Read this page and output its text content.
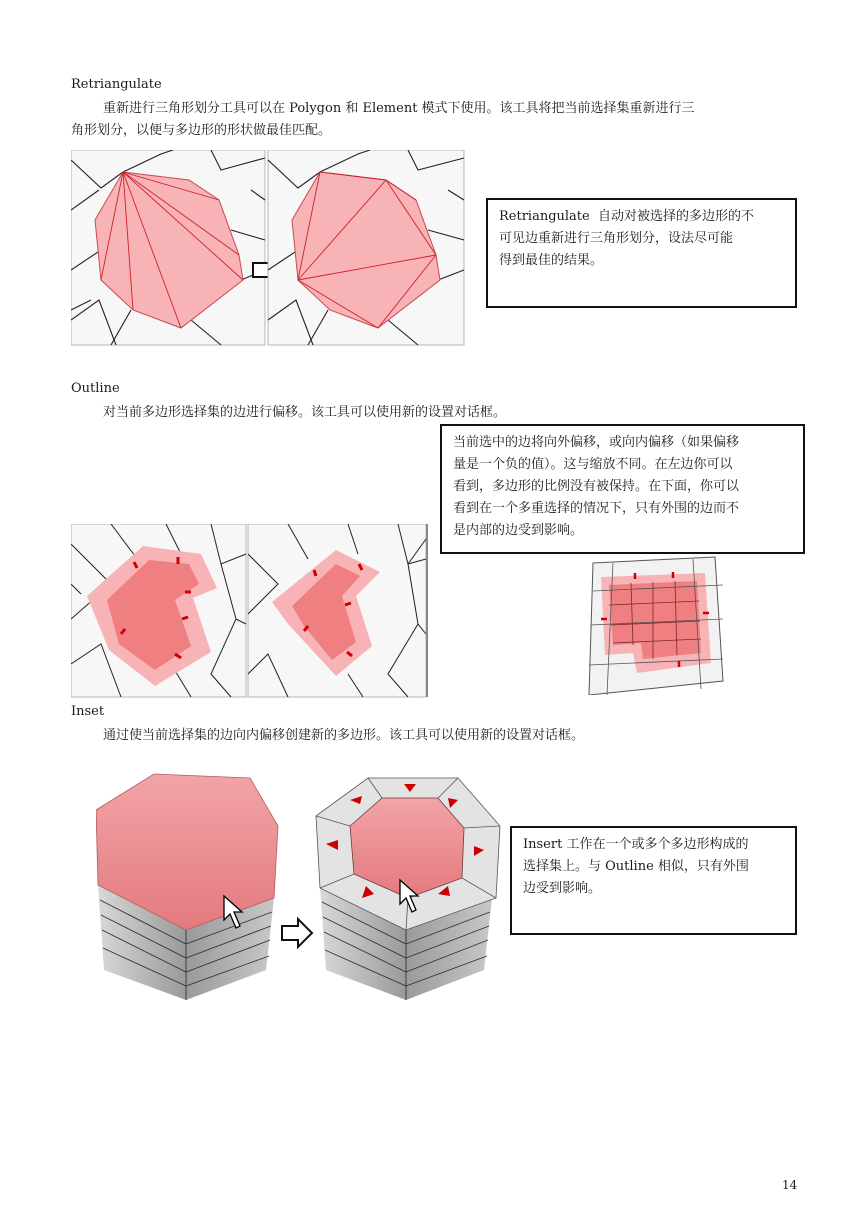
Retriangulate
重新进行三角形划分工具可以在 Polygon 和 Element 模式下使用。该工具将把当前选择集重新进行三
角形划分，以便与多边形的形状做最佳匹配。
Retriangulate  自动对被选择的多边形的不
可见边重新进行三角形划分，设法尽可能
得到最佳的结果。
Outline
对当前多边形选择集的边进行偏移。该工具可以使用新的设置对话框。
当前选中的边将向外偏移，或向内偏移（如果偏移
量是一个负的值）。这与缩放不同。在左边你可以
看到，多边形的比例没有被保持。在下面，你可以
看到在一个多重选择的情况下，只有外围的边而不
是内部的边受到影响。
Inset
通过使当前选择集的边向内偏移创建新的多边形。该工具可以使用新的设置对话框。
Insert 工作在一个或多个多边形构成的
选择集上。与 Outline 相似，只有外围
边受到影响。
14
